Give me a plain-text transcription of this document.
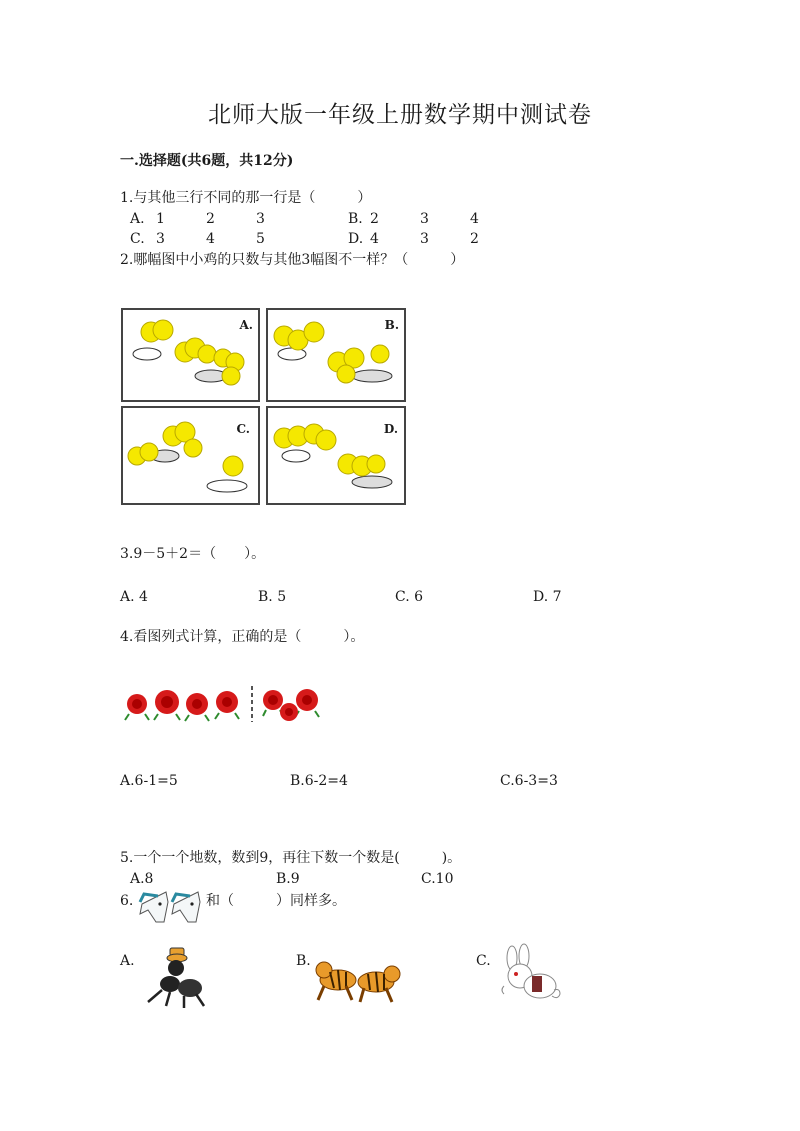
北师大版一年级上册数学期中测试卷
一.选择题(共6题，共12分)
1.与其他三行不同的那一行是（　　　）
A. 1	2	3	B. 2	3	4
C. 3	4	5	D. 4	3	2
2.哪幅图中小鸡的只数与其他3幅图不一样？（　　　）
A.	B.
C.	D.
3.9－5＋2＝（　　）。
A. 4	B. 5	C. 6	D. 7
4.看图列式计算，正确的是（　　　）。
A.6-1=5	B.6-2=4	C.6-3=3
5.一个一个地数，数到9，再往下数一个数是(　　　)。
A.8	B.9	C.10
6.	和（　　　）同样多。
A.	B.	C.
